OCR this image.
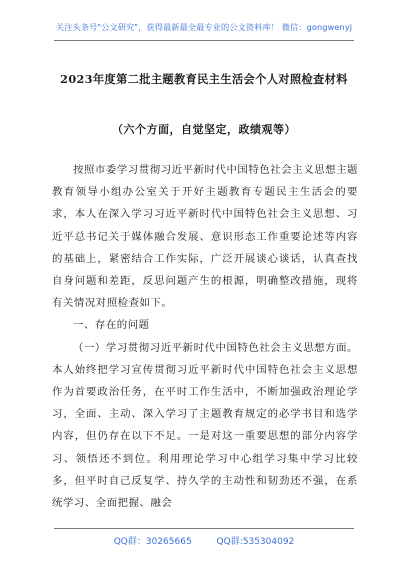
关注头条号"公文研究"，获得最新最全最专业的公文资料库！ 微信：gongwenyj
2023年度第二批主题教育民主生活会个人对照检查材料
（六个方面，自觉坚定，政绩观等）

按照市委学习贯彻习近平新时代中国特色社会主义思想主题教育领导小组办公室关于开好主题教育专题民主生活会的要求，本人在深入学习习近平新时代中国特色社会主义思想、习近平总书记关于媒体融合发展、意识形态工作重要论述等内容的基础上，紧密结合工作实际，广泛开展谈心谈话，认真查找自身问题和差距，反思问题产生的根源，明确整改措施，现将有关情况对照检查如下。

一、存在的问题

（一）学习贯彻习近平新时代中国特色社会主义思想方面。本人始终把学习宣传贯彻习近平新时代中国特色社会主义思想作为首要政治任务，在平时工作生活中，不断加强政治理论学习，全面、主动、深入学习了主题教育规定的必学书目和选学内容，但仍存在以下不足。一是对这一重要思想的部分内容学习、领悟还不到位。利用理论学习中心组学习集中学习比较多，但平时自己反复学、持久学的主动性和韧劲还不强，在系统学习、全面把握、融会

QQ群：30265665	QQ群:535304092
